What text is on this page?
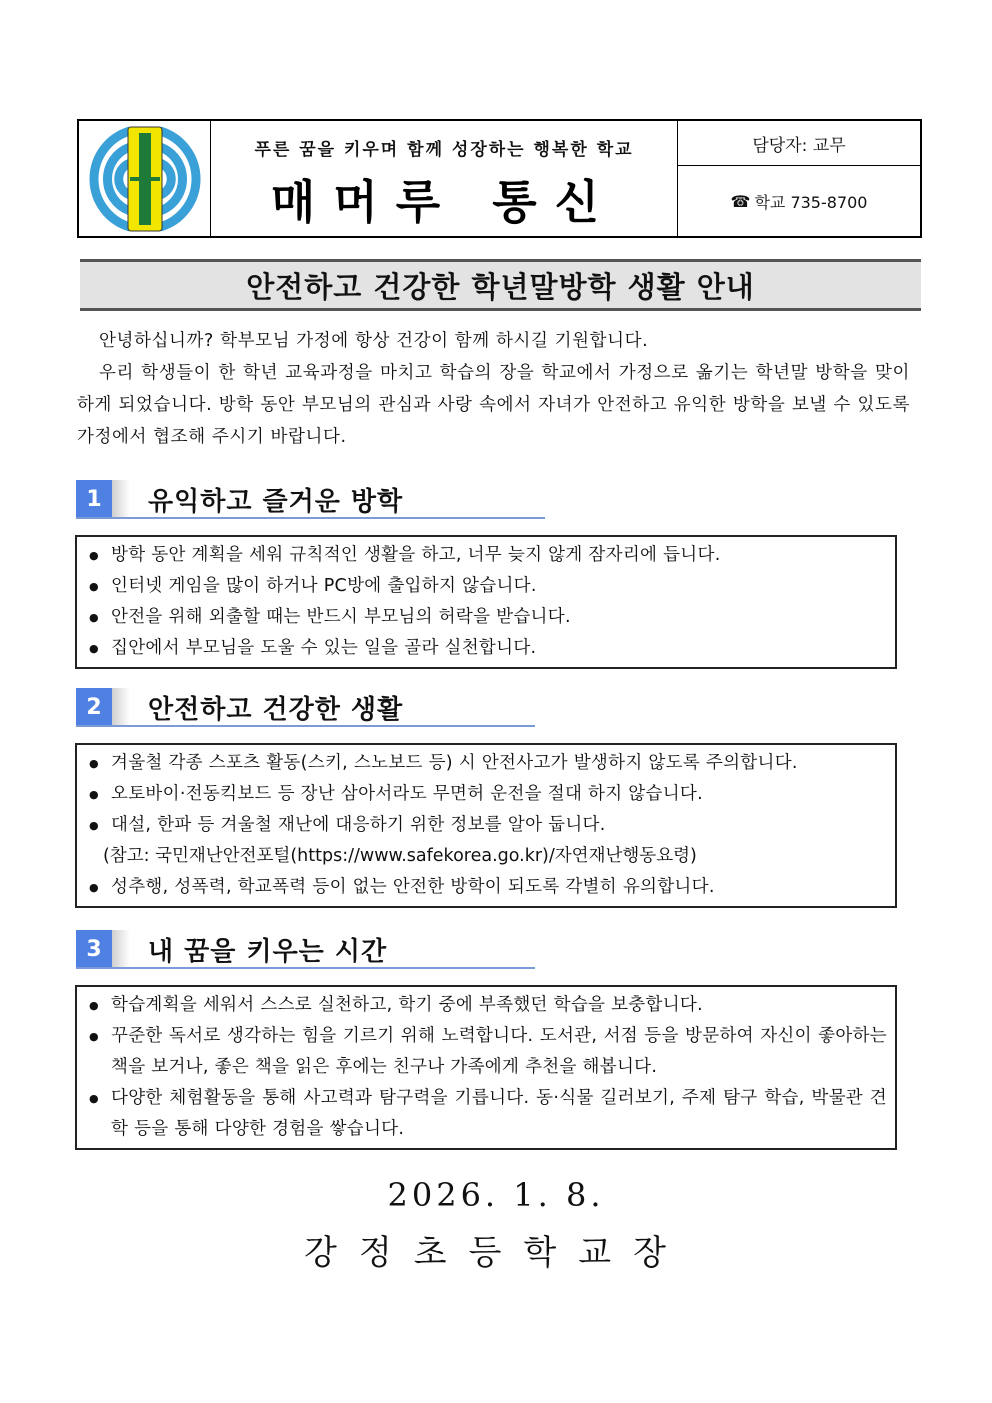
푸른 꿈을 키우며 함께 성장하는 행복한 학교
매머루 통신
담당자: 교무
☎ 학교 735-8700
안전하고 건강한 학년말방학 생활 안내

안녕하십니까? 학부모님 가정에 항상 건강이 함께 하시길 기원합니다.

우리 학생들이 한 학년 교육과정을 마치고 학습의 장을 학교에서 가정으로 옮기는 학년말 방학을 맞이하게 되었습니다. 방학 동안 부모님의 관심과 사랑 속에서 자녀가 안전하고 유익한 방학을 보낼 수 있도록 가정에서 협조해 주시기 바랍니다.

1	유익하고 즐거운 방학
● 방학 동안 계획을 세워 규칙적인 생활을 하고, 너무 늦지 않게 잠자리에 듭니다.
● 인터넷 게임을 많이 하거나 PC방에 출입하지 않습니다.
● 안전을 위해 외출할 때는 반드시 부모님의 허락을 받습니다.
● 집안에서 부모님을 도울 수 있는 일을 골라 실천합니다.
2	안전하고 건강한 생활
● 겨울철 각종 스포츠 활동(스키, 스노보드 등) 시 안전사고가 발생하지 않도록 주의합니다.
● 오토바이·전동킥보드 등 장난 삼아서라도 무면허 운전을 절대 하지 않습니다.
● 대설, 한파 등 겨울철 재난에 대응하기 위한 정보를 알아 둡니다.
(참고: 국민재난안전포털(https://www.safekorea.go.kr)/자연재난행동요령)
● 성추행, 성폭력, 학교폭력 등이 없는 안전한 방학이 되도록 각별히 유의합니다.
3	내 꿈을 키우는 시간
● 학습계획을 세워서 스스로 실천하고, 학기 중에 부족했던 학습을 보충합니다.
● 꾸준한 독서로 생각하는 힘을 기르기 위해 노력합니다. 도서관, 서점 등을 방문하여 자신이 좋아하는 책을 보거나, 좋은 책을 읽은 후에는 친구나 가족에게 추천을 해봅니다.
● 다양한 체험활동을 통해 사고력과 탐구력을 기릅니다. 동·식물 길러보기, 주제 탐구 학습, 박물관 견학 등을 통해 다양한 경험을 쌓습니다.
2026. 1. 8.
강정초등학교장
